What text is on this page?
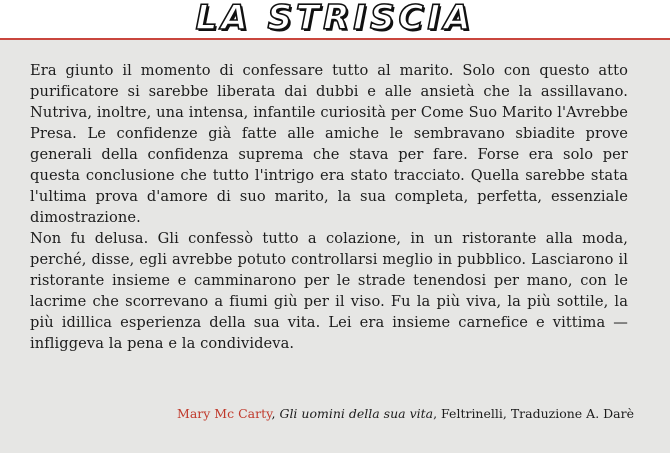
LA STRISCIA

Era giunto il momento di confessare tutto al marito. Solo con questo atto purificatore si sarebbe liberata dai dubbi e alle ansietà che la assillavano. Nutriva, inoltre, una intensa, infantile curiosità per Come Suo Marito l'Avrebbe Presa. Le confidenze già fatte alle amiche le sembravano sbiadite prove generali della confidenza suprema che stava per fare. Forse era solo per questa conclusione che tutto l'intrigo era stato tracciato. Quella sarebbe stata l'ultima prova d'amore di suo marito, la sua completa, perfetta, essenziale dimostrazione.

Non fu delusa. Gli confessò tutto a colazione, in un ristorante alla moda, perché, disse, egli avrebbe potuto controllarsi meglio in pubblico. Lasciarono il ristorante insieme e camminarono per le strade tenendosi per mano, con le lacrime che scorrevano a fiumi giù per il viso. Fu la più viva, la più sottile, la più idillica esperienza della sua vita. Lei era insieme carnefice e vittima — infliggeva la pena e la condivideva.

Mary Mc Carty, Gli uomini della sua vita, Feltrinelli, Traduzione A. Darè
